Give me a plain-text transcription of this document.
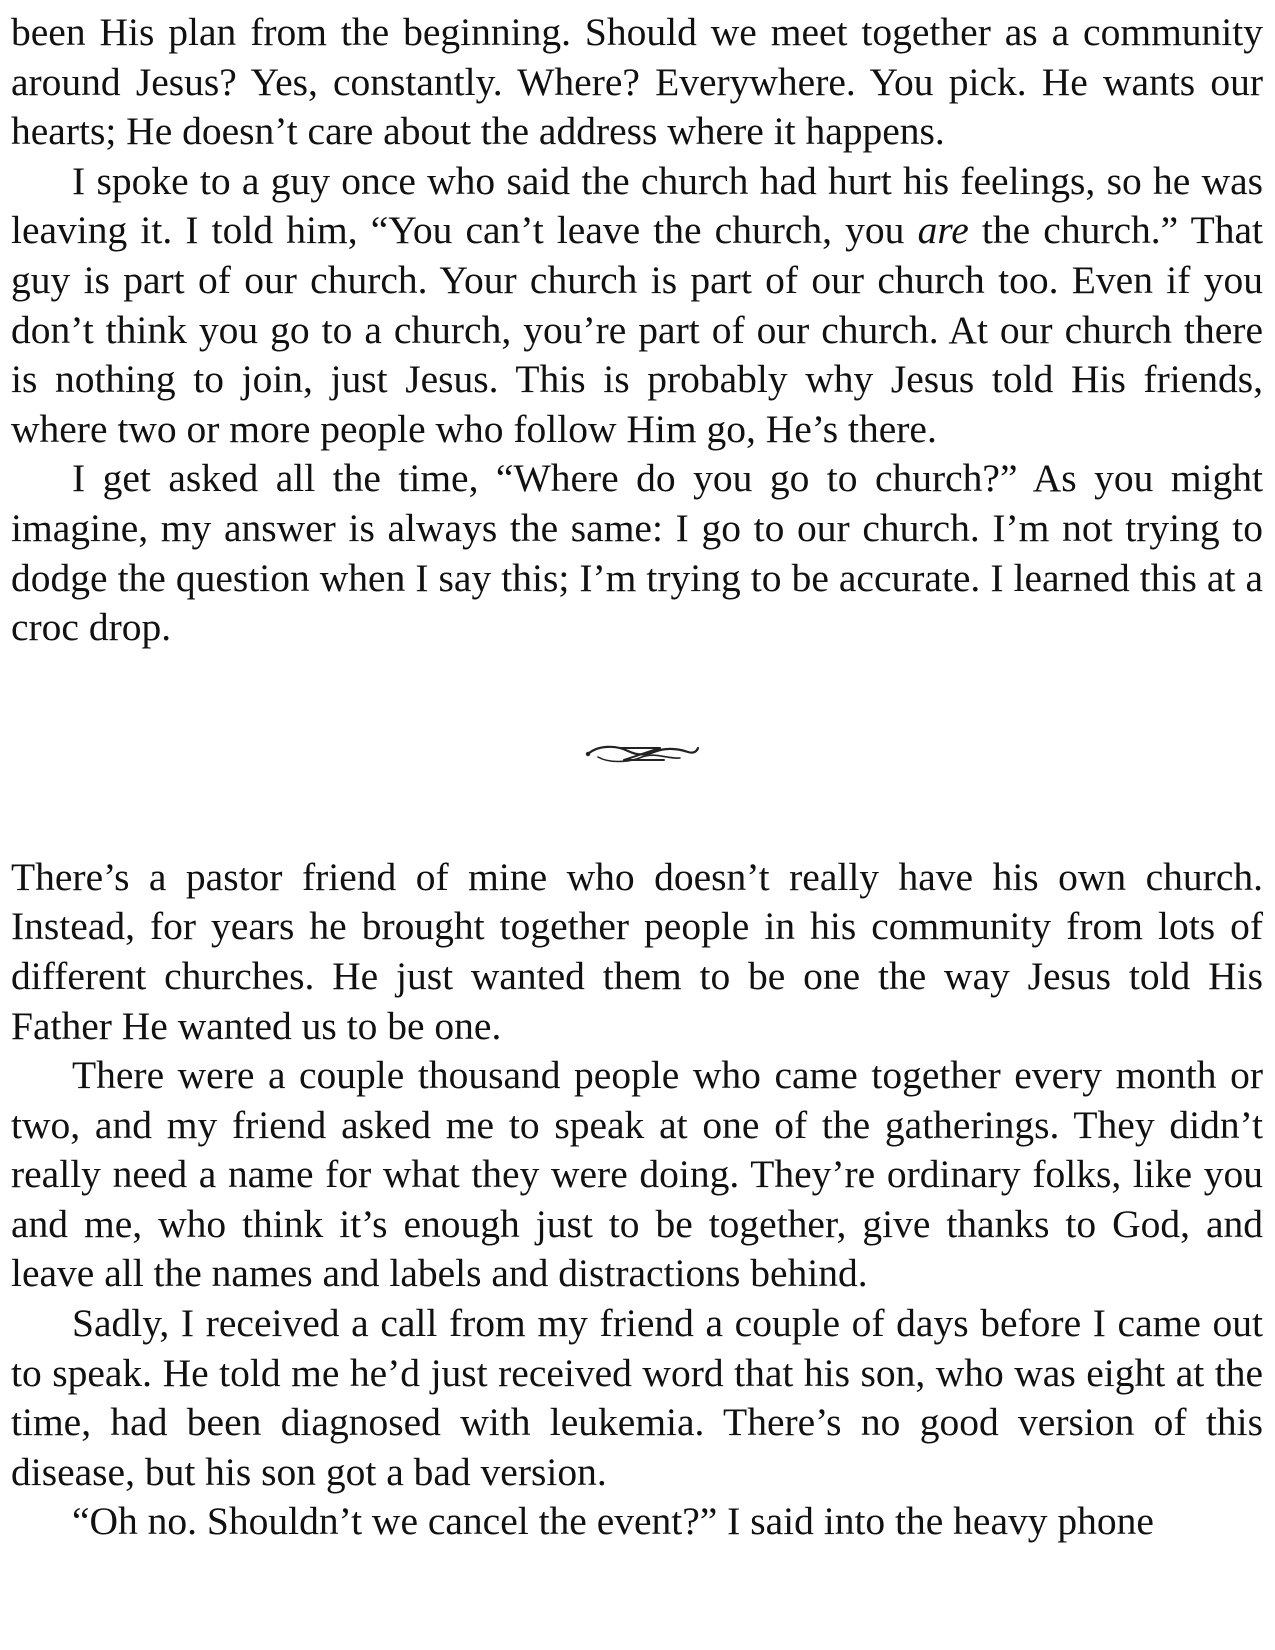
been His plan from the beginning. Should we meet together as a community around Jesus? Yes, constantly. Where? Everywhere. You pick. He wants our hearts; He doesn’t care about the address where it happens.

I spoke to a guy once who said the church had hurt his feelings, so he was leaving it. I told him, “You can’t leave the church, you are the church.” That guy is part of our church. Your church is part of our church too. Even if you don’t think you go to a church, you’re part of our church. At our church there is nothing to join, just Jesus. This is probably why Jesus told His friends, where two or more people who follow Him go, He’s there.

I get asked all the time, “Where do you go to church?” As you might imagine, my answer is always the same: I go to our church. I’m not trying to dodge the question when I say this; I’m trying to be accurate. I learned this at a croc drop.

There’s a pastor friend of mine who doesn’t really have his own church. Instead, for years he brought together people in his community from lots of different churches. He just wanted them to be one the way Jesus told His Father He wanted us to be one.

There were a couple thousand people who came together every month or two, and my friend asked me to speak at one of the gatherings. They didn’t really need a name for what they were doing. They’re ordinary folks, like you and me, who think it’s enough just to be together, give thanks to God, and leave all the names and labels and distractions behind.

Sadly, I received a call from my friend a couple of days before I came out to speak. He told me he’d just received word that his son, who was eight at the time, had been diagnosed with leukemia. There’s no good version of this disease, but his son got a bad version.

“Oh no. Shouldn’t we cancel the event?” I said into the heavy phone
